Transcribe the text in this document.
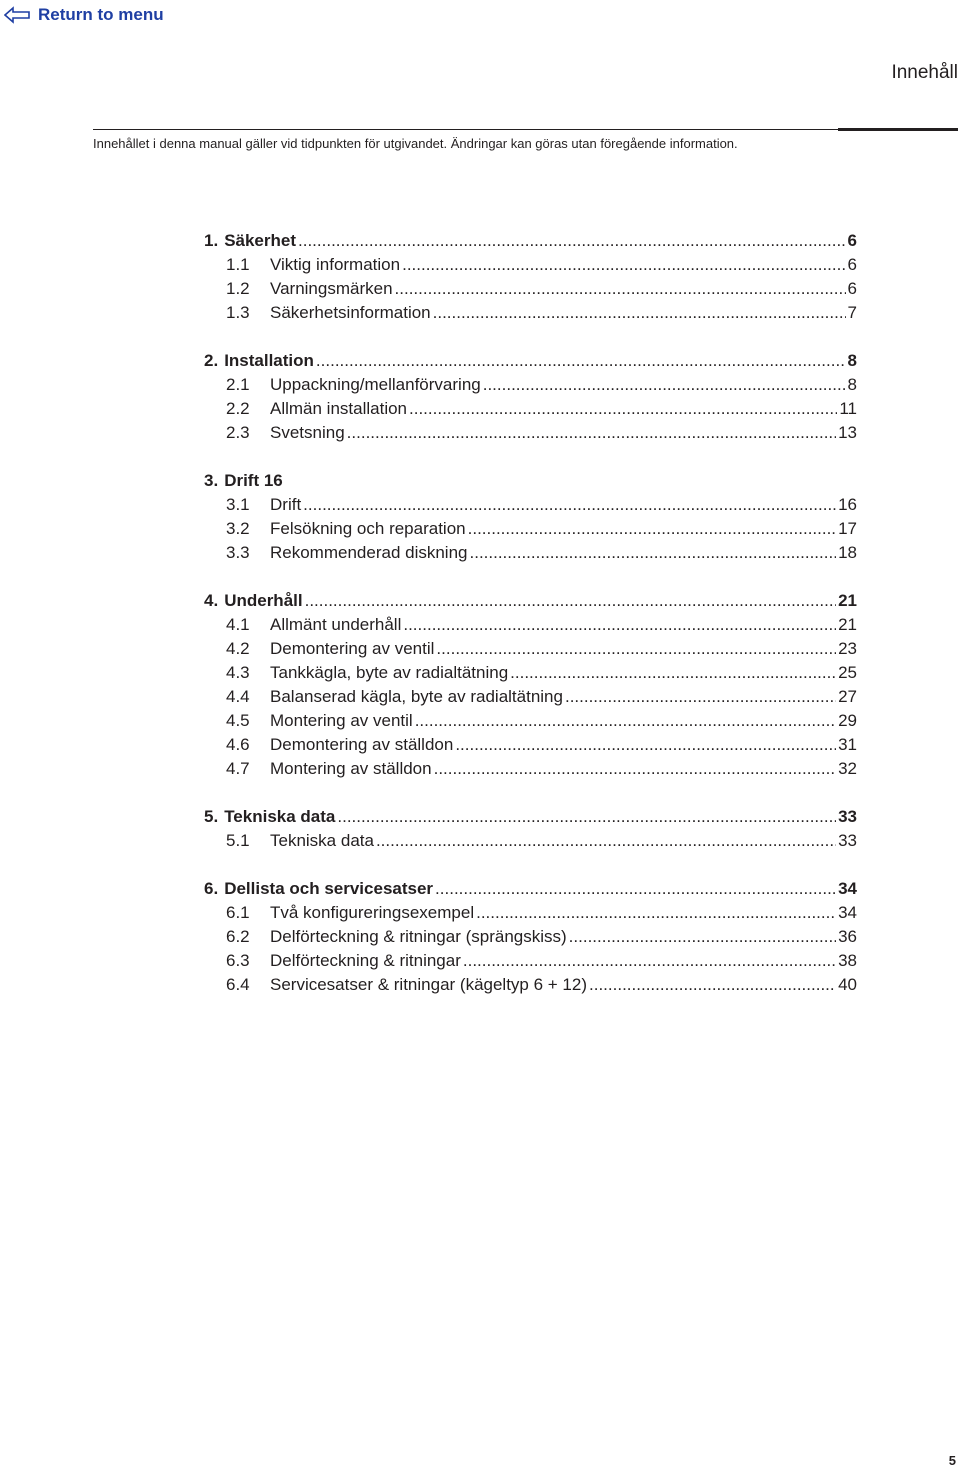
Return to menu
Innehåll
Innehållet i denna manual gäller vid tidpunkten för utgivandet. Ändringar kan göras utan föregående information.
1. Säkerhet .....	6
1.1	Viktig information .....	6
1.2	Varningsmärken .....	6
1.3	Säkerhetsinformation .....	7
2. Installation .....	8
2.1	Uppackning/mellanförvaring .....	8
2.2	Allmän installation .....	11
2.3	Svetsning .....	13
3. Drift 16
3.1	Drift .....	16
3.2	Felsökning och reparation .....	17
3.3	Rekommenderad diskning .....	18
4. Underhåll .....	21
4.1	Allmänt underhåll .....	21
4.2	Demontering av ventil .....	23
4.3	Tankkägla, byte av radialtätning .....	25
4.4	Balanserad kägla, byte av radialtätning .....	27
4.5	Montering av ventil .....	29
4.6	Demontering av ställdon .....	31
4.7	Montering av ställdon .....	32
5. Tekniska data .....	33
5.1	Tekniska data .....	33
6. Dellista och servicesatser .....	34
6.1	Två konfigureringsexempel .....	34
6.2	Delförteckning & ritningar (sprängskiss) .....	36
6.3	Delförteckning & ritningar .....	38
6.4	Servicesatser & ritningar (kägeltyp 6 + 12) .....	40
5
